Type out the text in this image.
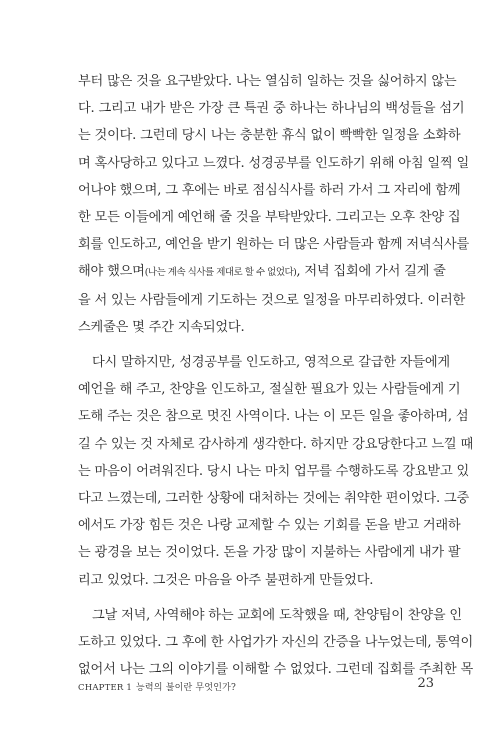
부터 많은 것을 요구받았다. 나는 열심히 일하는 것을 싫어하지 않는
다. 그리고 내가 받은 가장 큰 특권 중 하나는 하나님의 백성들을 섬기
는 것이다. 그런데 당시 나는 충분한 휴식 없이 빡빡한 일정을 소화하
며 혹사당하고 있다고 느꼈다. 성경공부를 인도하기 위해 아침 일찍 일
어나야 했으며, 그 후에는 바로 점심식사를 하러 가서 그 자리에 함께
한 모든 이들에게 예언해 줄 것을 부탁받았다. 그리고는 오후 찬양 집
회를 인도하고, 예언을 받기 원하는 더 많은 사람들과 함께 저녁식사를
해야 했으며(나는 계속 식사를 제대로 할 수 없었다), 저녁 집회에 가서 길게 줄
을 서 있는 사람들에게 기도하는 것으로 일정을 마무리하였다. 이러한
스케줄은 몇 주간 지속되었다.

다시 말하지만, 성경공부를 인도하고, 영적으로 갈급한 자들에게
예언을 해 주고, 찬양을 인도하고, 절실한 필요가 있는 사람들에게 기
도해 주는 것은 참으로 멋진 사역이다. 나는 이 모든 일을 좋아하며, 섬
길 수 있는 것 자체로 감사하게 생각한다. 하지만 강요당한다고 느낄 때
는 마음이 어려워진다. 당시 나는 마치 업무를 수행하도록 강요받고 있
다고 느꼈는데, 그러한 상황에 대처하는 것에는 취약한 편이었다. 그중
에서도 가장 힘든 것은 나랑 교제할 수 있는 기회를 돈을 받고 거래하
는 광경을 보는 것이었다. 돈을 가장 많이 지불하는 사람에게 내가 팔
리고 있었다. 그것은 마음을 아주 불편하게 만들었다.

그날 저녁, 사역해야 하는 교회에 도착했을 때, 찬양팀이 찬양을 인
도하고 있었다. 그 후에 한 사업가가 자신의 간증을 나누었는데, 통역이
없어서 나는 그의 이야기를 이해할 수 없었다. 그런데 집회를 주최한 목

CHAPTER 1 능력의 불이란 무엇인가?	23
